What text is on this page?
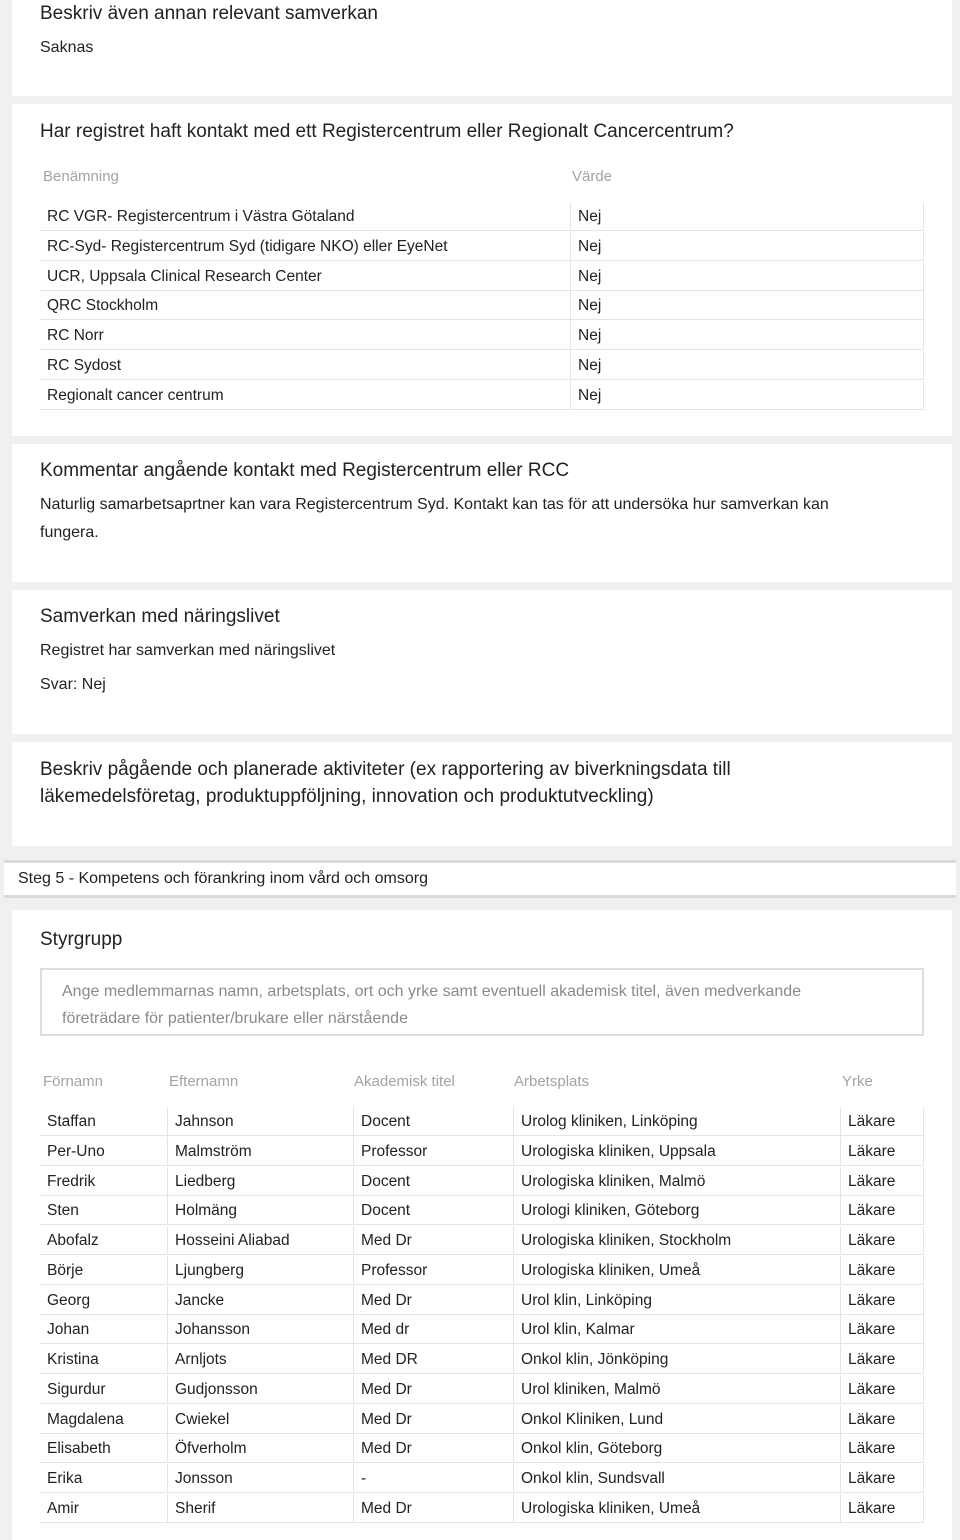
Beskriv även annan relevant samverkan
Saknas
Har registret haft kontakt med ett Registercentrum eller Regionalt Cancercentrum?
Benämning	Värde
RC VGR- Registercentrum i Västra Götaland	Nej
RC-Syd- Registercentrum Syd (tidigare NKO) eller EyeNet	Nej
UCR, Uppsala Clinical Research Center	Nej
QRC Stockholm	Nej
RC Norr	Nej
RC Sydost	Nej
Regionalt cancer centrum	Nej
Kommentar angående kontakt med Registercentrum eller RCC
Naturlig samarbetsaprtner kan vara Registercentrum Syd. Kontakt kan tas för att undersöka hur samverkan kan
fungera.
Samverkan med näringslivet
Registret har samverkan med näringslivet
Svar: Nej
Beskriv pågående och planerade aktiviteter (ex rapportering av biverkningsdata till
läkemedelsföretag, produktuppföljning, innovation och produktutveckling)
Steg 5 - Kompetens och förankring inom vård och omsorg
Styrgrupp
Ange medlemmarnas namn, arbetsplats, ort och yrke samt eventuell akademisk titel, även medverkande
företrädare för patienter/brukare eller närstående
Förnamn	Efternamn	Akademisk titel	Arbetsplats	Yrke
Staffan	Jahnson	Docent	Urolog kliniken, Linköping	Läkare
Per-Uno	Malmström	Professor	Urologiska kliniken, Uppsala	Läkare
Fredrik	Liedberg	Docent	Urologiska kliniken, Malmö	Läkare
Sten	Holmäng	Docent	Urologi kliniken, Göteborg	Läkare
Abofalz	Hosseini Aliabad	Med Dr	Urologiska kliniken, Stockholm	Läkare
Börje	Ljungberg	Professor	Urologiska kliniken, Umeå	Läkare
Georg	Jancke	Med Dr	Urol klin, Linköping	Läkare
Johan	Johansson	Med dr	Urol klin, Kalmar	Läkare
Kristina	Arnljots	Med DR	Onkol klin, Jönköping	Läkare
Sigurdur	Gudjonsson	Med Dr	Urol kliniken, Malmö	Läkare
Magdalena	Cwiekel	Med Dr	Onkol Kliniken, Lund	Läkare
Elisabeth	Öfverholm	Med Dr	Onkol klin, Göteborg	Läkare
Erika	Jonsson	-	Onkol klin, Sundsvall	Läkare
Amir	Sherif	Med Dr	Urologiska kliniken, Umeå	Läkare
